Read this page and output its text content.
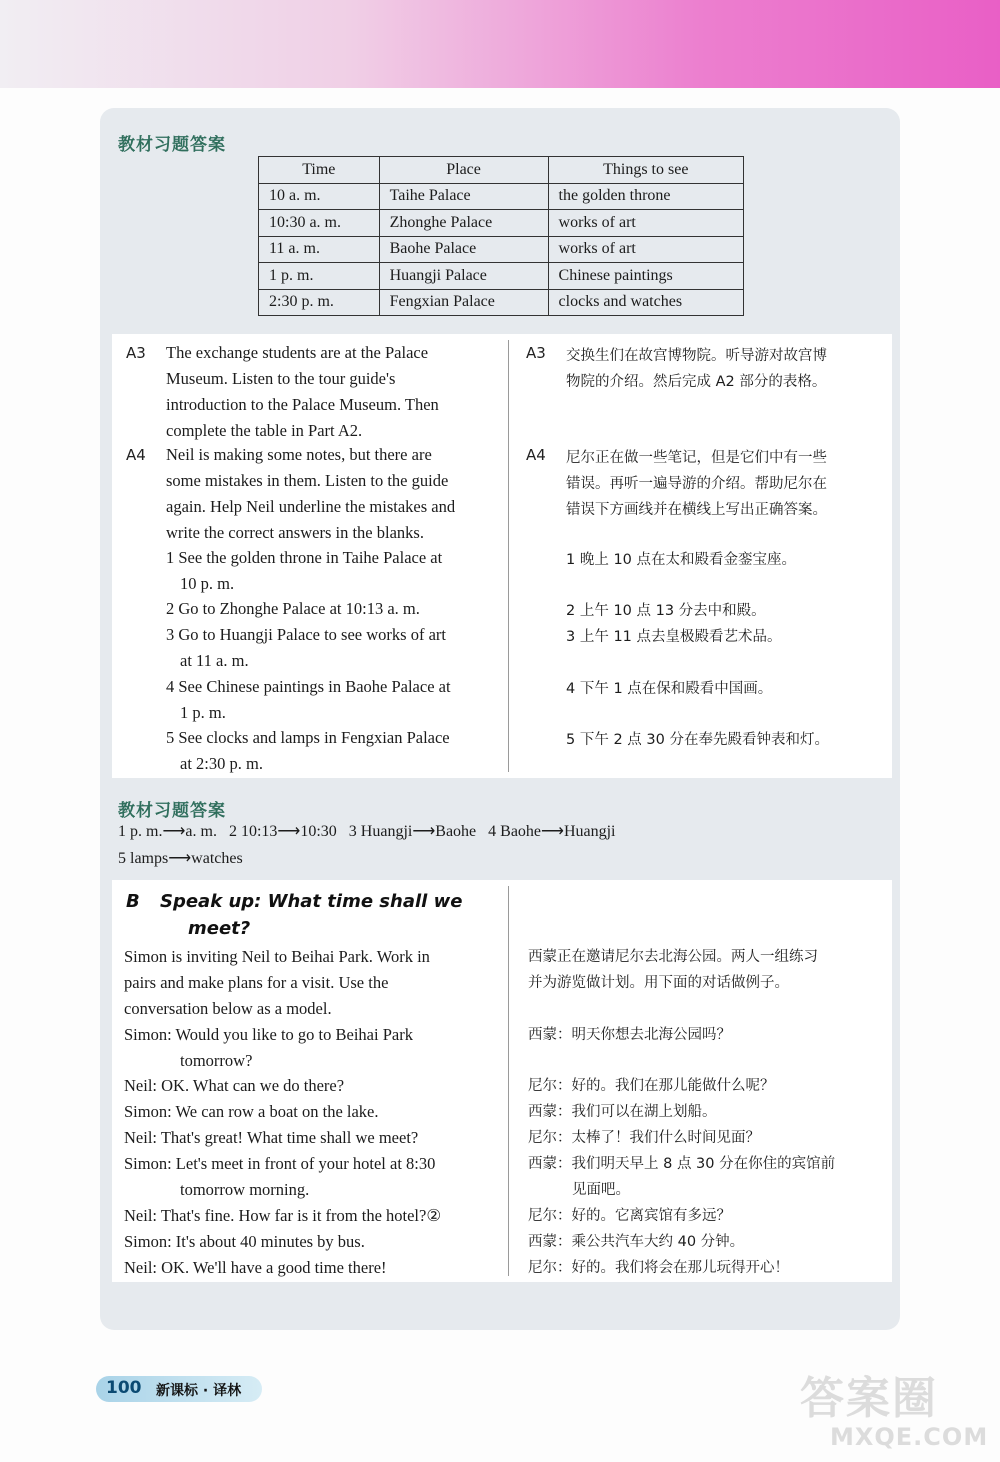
教材习题答案
Time	Place	Things to see
10 a. m.	Taihe Palace	the golden throne
10:30 a. m.	Zhonghe Palace	works of art
11 a. m.	Baohe Palace	works of art
1 p. m.	Huangji Palace	Chinese paintings
2:30 p. m.	Fengxian Palace	clocks and watches
A3 The exchange students are at the Palace
Museum. Listen to the tour guide's
introduction to the Palace Museum. Then
complete the table in Part A2.
A3 交换生们在故宫博物院。听导游对故宫博
物院的介绍。然后完成 A2 部分的表格。
A4 Neil is making some notes, but there are
some mistakes in them. Listen to the guide
again. Help Neil underline the mistakes and
write the correct answers in the blanks.
1 See the golden throne in Taihe Palace at
10 p. m.
2 Go to Zhonghe Palace at 10:13 a. m.
3 Go to Huangji Palace to see works of art
at 11 a. m.
4 See Chinese paintings in Baohe Palace at
1 p. m.
5 See clocks and lamps in Fengxian Palace
at 2:30 p. m.
A4 尼尔正在做一些笔记，但是它们中有一些
错误。再听一遍导游的介绍。帮助尼尔在
错误下方画线并在横线上写出正确答案。
1 晚上 10 点在太和殿看金銮宝座。
2 上午 10 点 13 分去中和殿。
3 上午 11 点去皇极殿看艺术品。
4 下午 1 点在保和殿看中国画。
5 下午 2 点 30 分在奉先殿看钟表和灯。
教材习题答案
1 p. m.⟶a. m. 2 10:13⟶10:30 3 Huangji⟶Baohe 4 Baohe⟶Huangji
5 lamps⟶watches
B Speak up: What time shall we
meet?
Simon is inviting Neil to Beihai Park. Work in
pairs and make plans for a visit. Use the
conversation below as a model.
Simon: Would you like to go to Beihai Park
tomorrow?
Neil: OK. What can we do there?
Simon: We can row a boat on the lake.
Neil: That's great! What time shall we meet?
Simon: Let's meet in front of your hotel at 8:30
tomorrow morning.
Neil: That's fine. How far is it from the hotel?②
Simon: It's about 40 minutes by bus.
Neil: OK. We'll have a good time there!
西蒙正在邀请尼尔去北海公园。两人一组练习
并为游览做计划。用下面的对话做例子。
西蒙：明天你想去北海公园吗？
尼尔：好的。我们在那儿能做什么呢？
西蒙：我们可以在湖上划船。
尼尔：太棒了！我们什么时间见面？
西蒙：我们明天早上 8 点 30 分在你住的宾馆前
见面吧。
尼尔：好的。它离宾馆有多远？
西蒙：乘公共汽车大约 40 分钟。
尼尔：好的。我们将会在那儿玩得开心！
100 新课标 · 译林	答案圈
MXQE.COM
